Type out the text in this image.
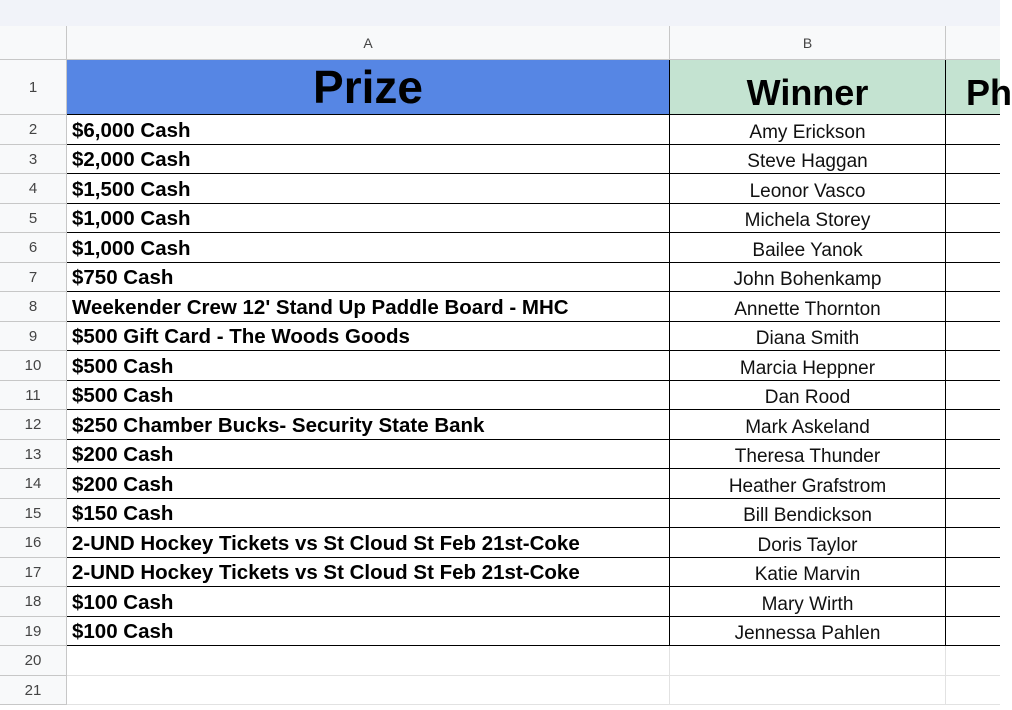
A	B
1	Prize	Winner	Ph
2	$6,000 Cash	Amy Erickson
3	$2,000 Cash	Steve Haggan
4	$1,500 Cash	Leonor Vasco
5	$1,000 Cash	Michela Storey
6	$1,000 Cash	Bailee Yanok
7	$750 Cash	John Bohenkamp
8	Weekender Crew 12' Stand Up Paddle Board - MHC	Annette Thornton
9	$500 Gift Card - The Woods Goods	Diana Smith
10	$500 Cash	Marcia Heppner
11	$500 Cash	Dan Rood
12	$250 Chamber Bucks- Security State Bank	Mark Askeland
13	$200 Cash	Theresa Thunder
14	$200 Cash	Heather Grafstrom
15	$150 Cash	Bill Bendickson
16	2-UND Hockey Tickets vs St Cloud St Feb 21st-Coke	Doris Taylor
17	2-UND Hockey Tickets vs St Cloud St Feb 21st-Coke	Katie Marvin
18	$100 Cash	Mary Wirth
19	$100 Cash	Jennessa Pahlen
20
21
